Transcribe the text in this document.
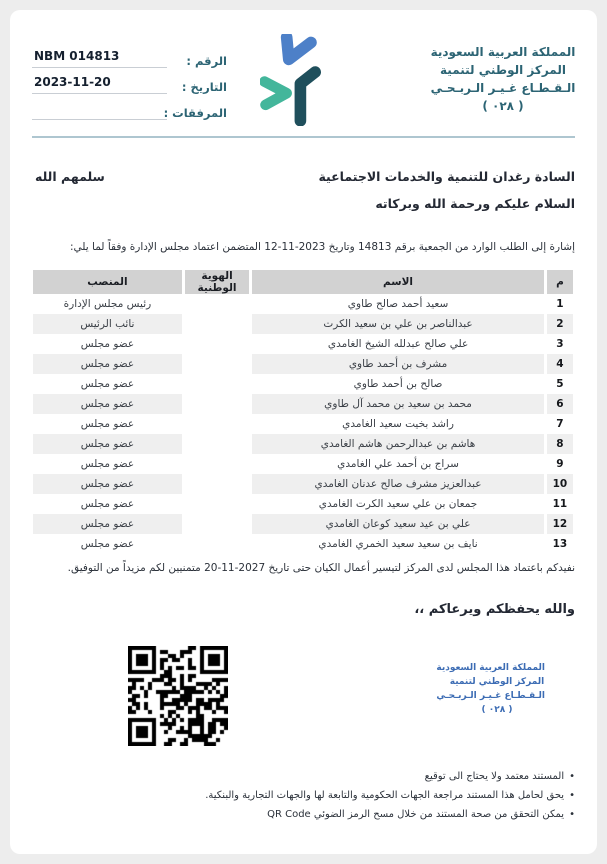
المملكة العربية السعودية
المركز الوطني لتنمية
الـقـطـاع غـيـر الـربـحـي
( ٠٢٨ )
الرقم :
NBM 014813
التاريخ :
2023-11-20
المرفقات :
السادة رغدان للتنمية والخدمات الاجتماعية
سلمهم الله
السلام عليكم ورحمة الله وبركاته
إشارة إلى الطلب الوارد من الجمعية برقم 14813 وتاريخ 2023-11-12 المتضمن اعتماد مجلس الإدارة وفقاً لما يلي:
م	الاسم	الهوية الوطنية	المنصب
1	سعيد أحمد صالح طاوي		رئيس مجلس الإدارة
2	عبدالناصر بن علي بن سعيد الكرت		نائب الرئيس
3	علي صالح عبدلله الشيخ الغامدي		عضو مجلس
4	مشرف بن أحمد طاوي		عضو مجلس
5	صالح بن أحمد طاوي		عضو مجلس
6	محمد بن سعيد بن محمد آل طاوي		عضو مجلس
7	راشد بخيت سعيد الغامدي		عضو مجلس
8	هاشم بن عبدالرحمن هاشم الغامدي		عضو مجلس
9	سراج بن أحمد علي الغامدي		عضو مجلس
10	عبدالعزيز مشرف صالح عدنان الغامدي		عضو مجلس
11	جمعان بن علي سعيد الكرت الغامدي		عضو مجلس
12	علي بن عيد سعيد كوعان الغامدي		عضو مجلس
13	نايف بن سعيد سعيد الخمري الغامدي		عضو مجلس
نفيدكم باعتماد هذا المجلس لدى المركز لتيسير أعمال الكيان حتى تاريخ 2027-11-20 متمنيين لكم مزيداً من التوفيق.
والله يحفظكم ويرعاكم ،،
المملكة العربية السعودية
المركز الوطني لتنمية
الـقـطـاع غـيـر الـربـحـي
( ٠٢٨ )
• المستند معتمد ولا يحتاج الى توقيع
• يحق لحامل هذا المستند مراجعة الجهات الحكومية والتابعة لها والجهات التجارية والبنكية.
• يمكن التحقق من صحة المستند من خلال مسح الرمز الضوئي QR Code
